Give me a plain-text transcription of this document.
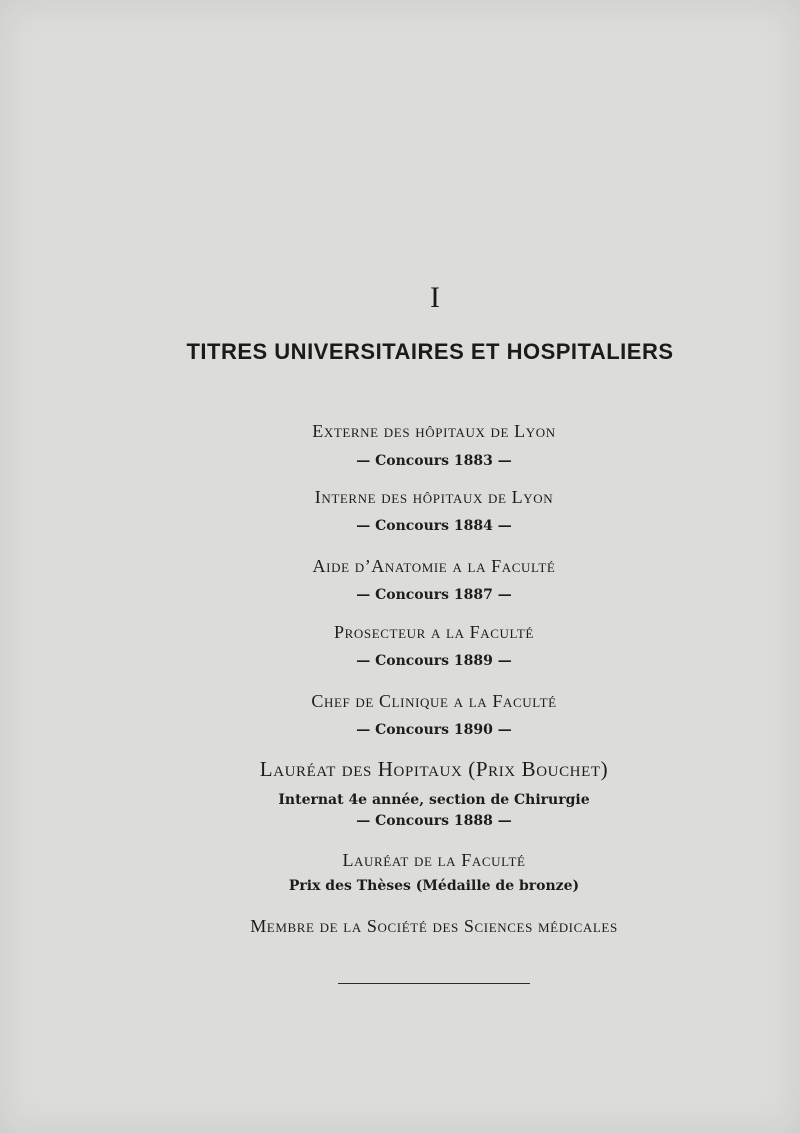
I
TITRES UNIVERSITAIRES ET HOSPITALIERS
Externe des hôpitaux de Lyon
— Concours 1883 —
Interne des hôpitaux de Lyon
— Concours 1884 —
Aide d’Anatomie a la Faculté
— Concours 1887 —
Prosecteur a la Faculté
— Concours 1889 —
Chef de Clinique a la Faculté
— Concours 1890 —
Lauréat des Hopitaux (Prix Bouchet)
Internat 4e année, section de Chirurgie
— Concours 1888 —
Lauréat de la Faculté
Prix des Thèses (Médaille de bronze)
Membre de la Société des Sciences médicales
